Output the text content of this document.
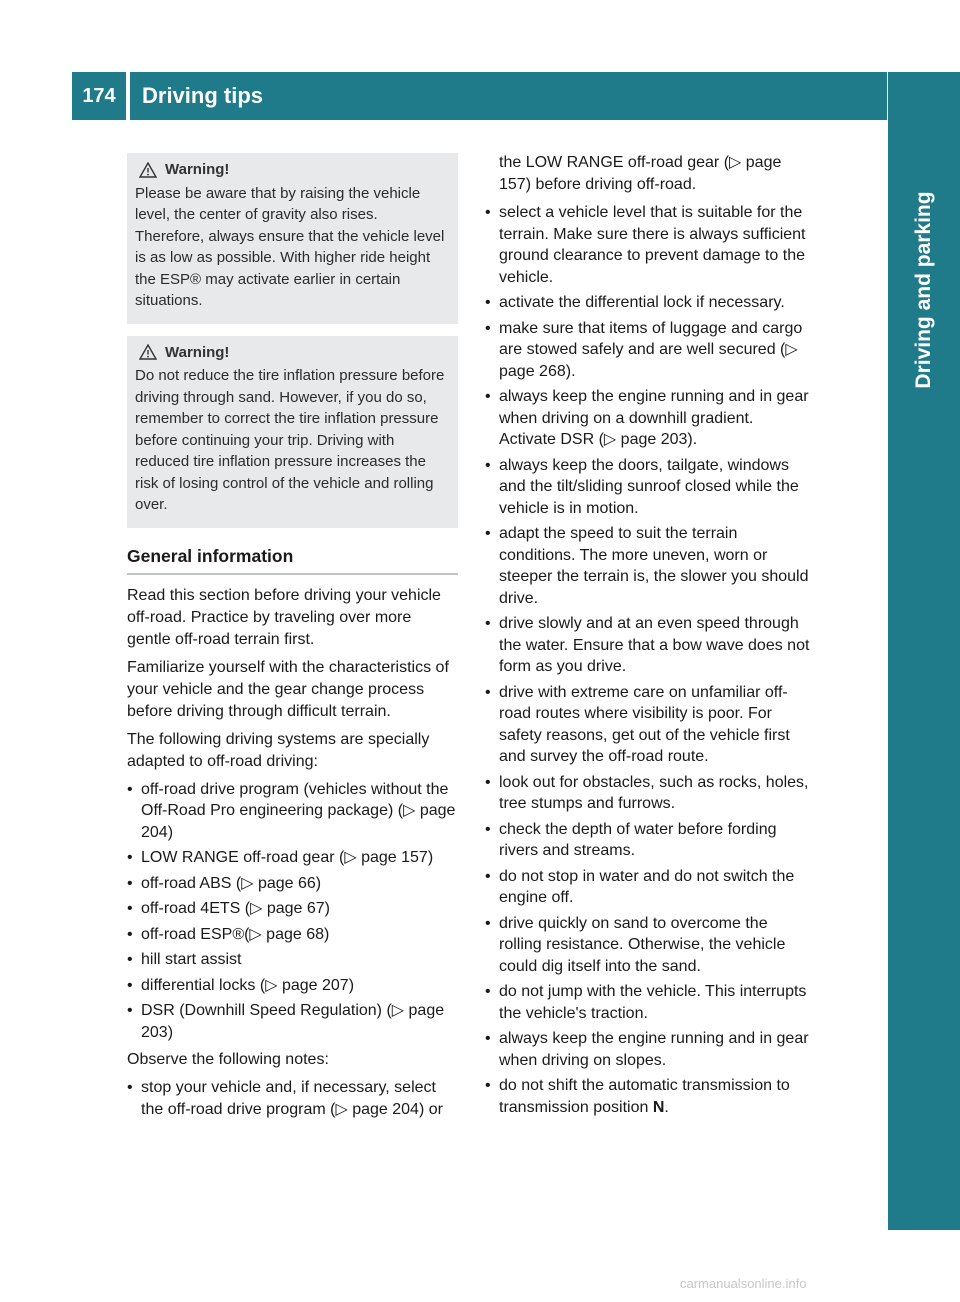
174	Driving tips
Driving and parking
Warning!
Please be aware that by raising the vehicle level, the center of gravity also rises. Therefore, always ensure that the vehicle level is as low as possible. With higher ride height the ESP® may activate earlier in certain situations.
Warning!
Do not reduce the tire inflation pressure before driving through sand. However, if you do so, remember to correct the tire inflation pressure before continuing your trip. Driving with reduced tire inflation pressure increases the risk of losing control of the vehicle and rolling over.
General information

Read this section before driving your vehicle off-road. Practice by traveling over more gentle off-road terrain first.

Familiarize yourself with the characteristics of your vehicle and the gear change process before driving through difficult terrain.

The following driving systems are specially adapted to off-road driving:

• off-road drive program (vehicles without the Off-Road Pro engineering package) (▷ page 204)
• LOW RANGE off-road gear (▷ page 157)
• off-road ABS (▷ page 66)
• off-road 4ETS (▷ page 67)
• off-road ESP®(▷ page 68)
• hill start assist
• differential locks (▷ page 207)
• DSR (Downhill Speed Regulation) (▷ page 203)

Observe the following notes:

• stop your vehicle and, if necessary, select the off-road drive program (▷ page 204) or

the LOW RANGE off-road gear (▷ page 157) before driving off-road.

• select a vehicle level that is suitable for the terrain. Make sure there is always sufficient ground clearance to prevent damage to the vehicle.
• activate the differential lock if necessary.
• make sure that items of luggage and cargo are stowed safely and are well secured (▷ page 268).
• always keep the engine running and in gear when driving on a downhill gradient. Activate DSR (▷ page 203).
• always keep the doors, tailgate, windows and the tilt/sliding sunroof closed while the vehicle is in motion.
• adapt the speed to suit the terrain conditions. The more uneven, worn or steeper the terrain is, the slower you should drive.
• drive slowly and at an even speed through the water. Ensure that a bow wave does not form as you drive.
• drive with extreme care on unfamiliar off-road routes where visibility is poor. For safety reasons, get out of the vehicle first and survey the off-road route.
• look out for obstacles, such as rocks, holes, tree stumps and furrows.
• check the depth of water before fording rivers and streams.
• do not stop in water and do not switch the engine off.
• drive quickly on sand to overcome the rolling resistance. Otherwise, the vehicle could dig itself into the sand.
• do not jump with the vehicle. This interrupts the vehicle's traction.
• always keep the engine running and in gear when driving on slopes.
• do not shift the automatic transmission to transmission position N.
carmanualsonline.info
